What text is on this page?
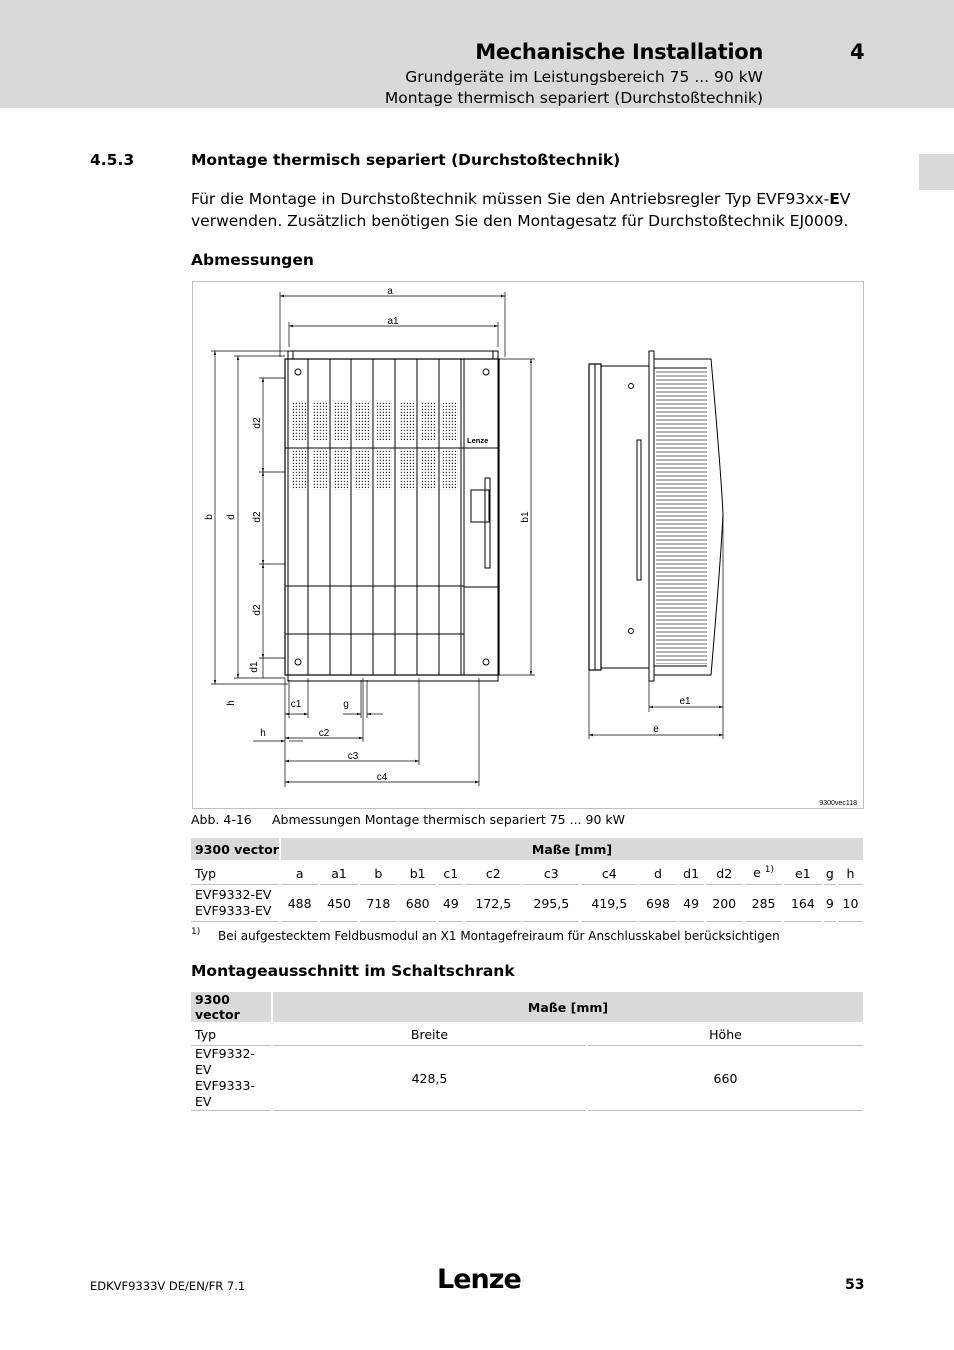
Mechanische Installation	4
Grundgeräte im Leistungsbereich 75 ... 90 kW
Montage thermisch separiert (Durchstoßtechnik)
4.5.3	Montage thermisch separiert (Durchstoßtechnik)
Für die Montage in Durchstoßtechnik müssen Sie den Antriebsregler Typ EVF93xx-EV verwenden. Zusätzlich benötigen Sie den Montagesatz für Durchstoßtechnik EJ0009.
Abmessungen
Lenze
a
a1
b d
d2
d2
d2
d1
h
b1
c1	g
h	c2
c3
c4
e1
e
9300vec118
Abb. 4-16 Abmessungen Montage thermisch separiert 75 ... 90 kW
9300 vector	Maße [mm]														
Typ	a	a1	b	b1	c1	c2	c3	c4	d	d1	d2	e $^{1)}$	e1	g	h

EVF9332-EV
EVF9333-EV	488	450	718	680	49	172,5	295,5	419,5	698	49	200	285	164	9	10
1) Bei aufgestecktem Feldbusmodul an X1 Montagefreiraum für Anschlusskabel berücksichtigen
Montageausschnitt im Schaltschrank
9300 vector	Maße [mm]	
Typ	Breite	Höhe

EVF9332-EV
EVF9333-EV	428,5	660
EDKVF9333V DE/EN/FR 7.1	Lenze	53
